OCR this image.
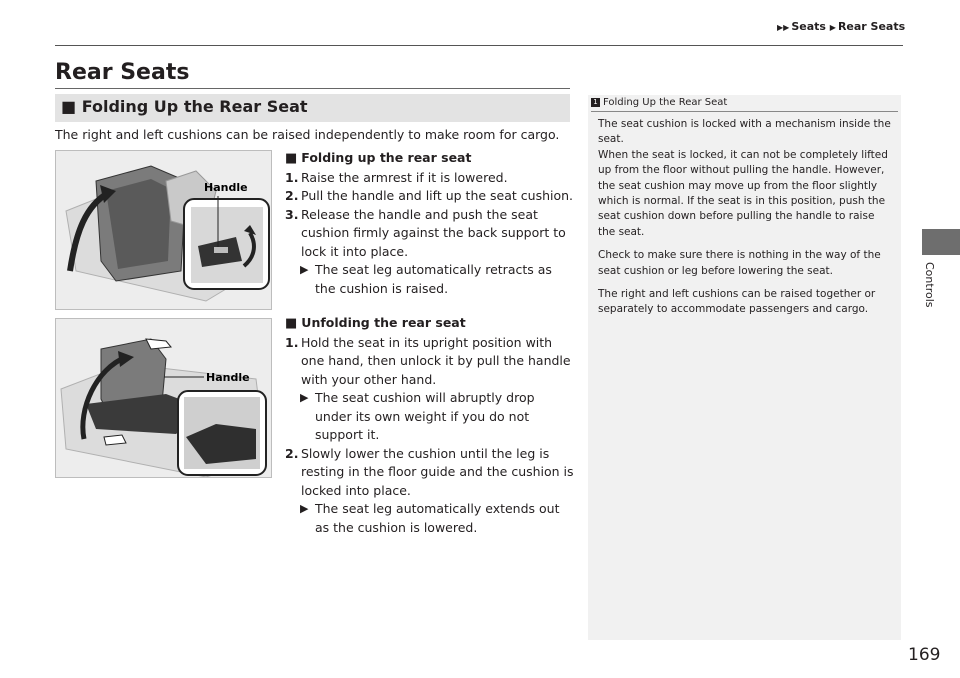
▶▶ Seats ▶ Rear Seats
Controls
Rear Seats
■ Folding Up the Rear Seat
The right and left cushions can be raised independently to make room for cargo.
Handle
Handle
■ Folding up the rear seat
1. Raise the armrest if it is lowered.
2. Pull the handle and lift up the seat cushion.
3. Release the handle and push the seat cushion firmly against the back support to lock it into place.
▶ The seat leg automatically retracts as the cushion is raised.
■ Unfolding the rear seat
1. Hold the seat in its upright position with one hand, then unlock it by pull the handle with your other hand.
▶ The seat cushion will abruptly drop under its own weight if you do not support it.
2. Slowly lower the cushion until the leg is resting in the floor guide and the cushion is locked into place.
▶ The seat leg automatically extends out as the cushion is lowered.
1 Folding Up the Rear Seat

The seat cushion is locked with a mechanism inside the seat.

When the seat is locked, it can not be completely lifted up from the floor without pulling the handle. However, the seat cushion may move up from the floor slightly which is normal. If the seat is in this position, push the seat cushion down before pulling the handle to raise the seat.

Check to make sure there is nothing in the way of the seat cushion or leg before lowering the seat.

The right and left cushions can be raised together or separately to accommodate passengers and cargo.

169
